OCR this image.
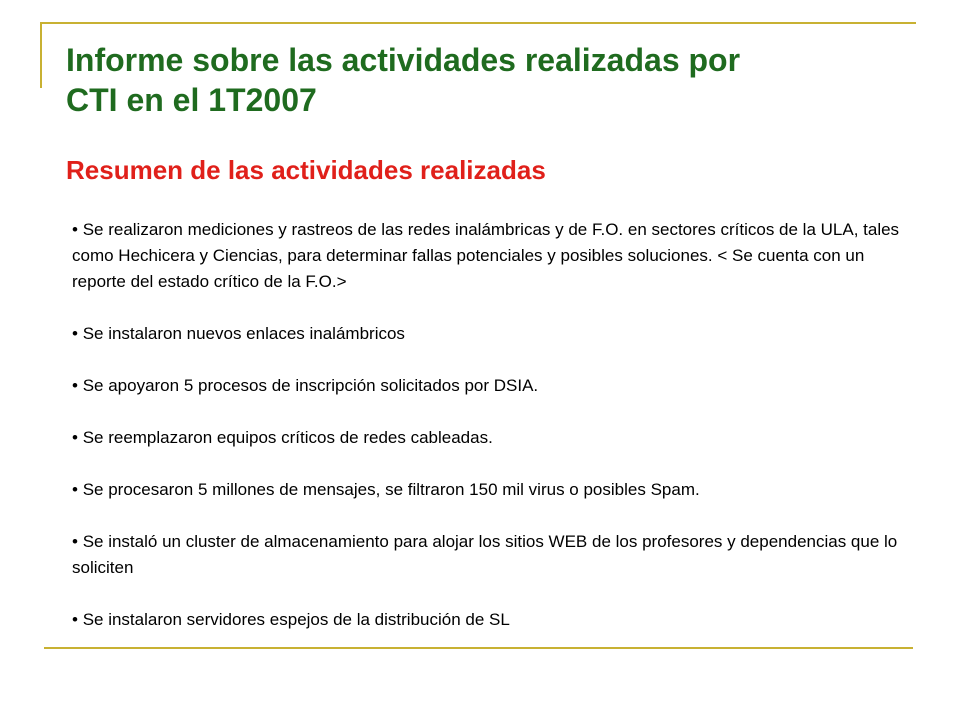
Informe sobre las actividades realizadas por
CTI en el 1T2007
Resumen de las actividades realizadas
• Se realizaron mediciones y rastreos de las redes inalámbricas y de F.O. en sectores críticos de la ULA, tales como Hechicera y Ciencias, para determinar fallas potenciales y posibles soluciones. < Se cuenta con un reporte del estado crítico de la F.O.>
• Se instalaron nuevos enlaces inalámbricos
• Se apoyaron 5 procesos de inscripción solicitados por DSIA.
• Se reemplazaron equipos críticos de redes cableadas.
• Se procesaron 5 millones de mensajes, se filtraron 150 mil virus o posibles Spam.
• Se instaló un cluster de almacenamiento para alojar los sitios WEB de los profesores y dependencias que lo soliciten
• Se instalaron servidores espejos de la distribución de SL
